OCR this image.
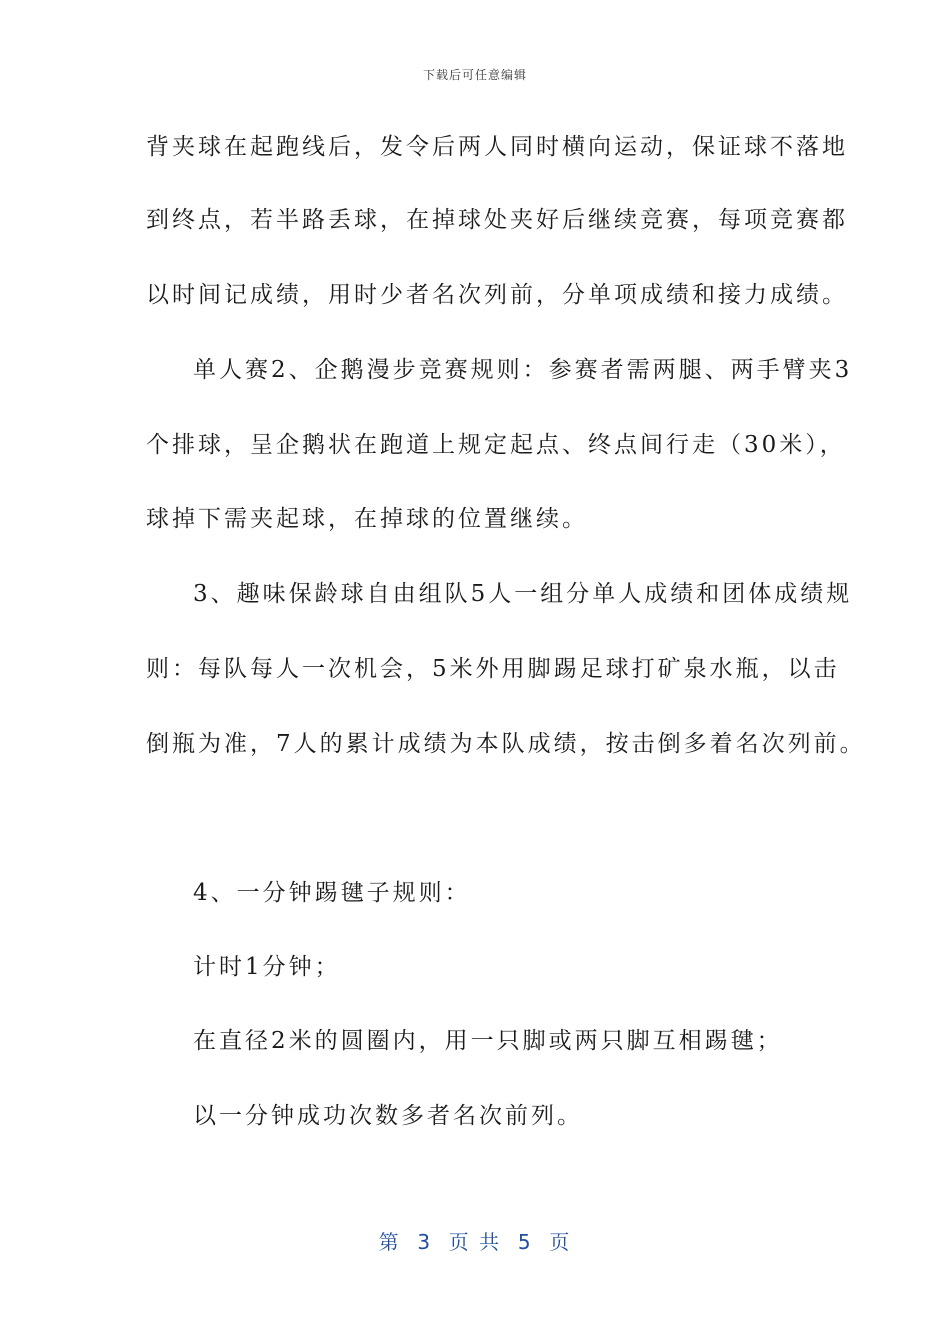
下载后可任意编辑
背夹球在起跑线后，发令后两人同时横向运动，保证球不落地
到终点，若半路丢球，在掉球处夹好后继续竞赛，每项竞赛都
以时间记成绩，用时少者名次列前，分单项成绩和接力成绩。
单人赛2、企鹅漫步竞赛规则：参赛者需两腿、两手臂夹3
个排球，呈企鹅状在跑道上规定起点、终点间行走（30米），
球掉下需夹起球，在掉球的位置继续。
3、趣味保龄球自由组队5人一组分单人成绩和团体成绩规
则：每队每人一次机会，5米外用脚踢足球打矿泉水瓶，以击
倒瓶为准，7人的累计成绩为本队成绩，按击倒多着名次列前。
4、一分钟踢毽子规则：
计时1分钟；
在直径2米的圆圈内，用一只脚或两只脚互相踢毽；
以一分钟成功次数多者名次前列。
第  3  页 共  5  页
